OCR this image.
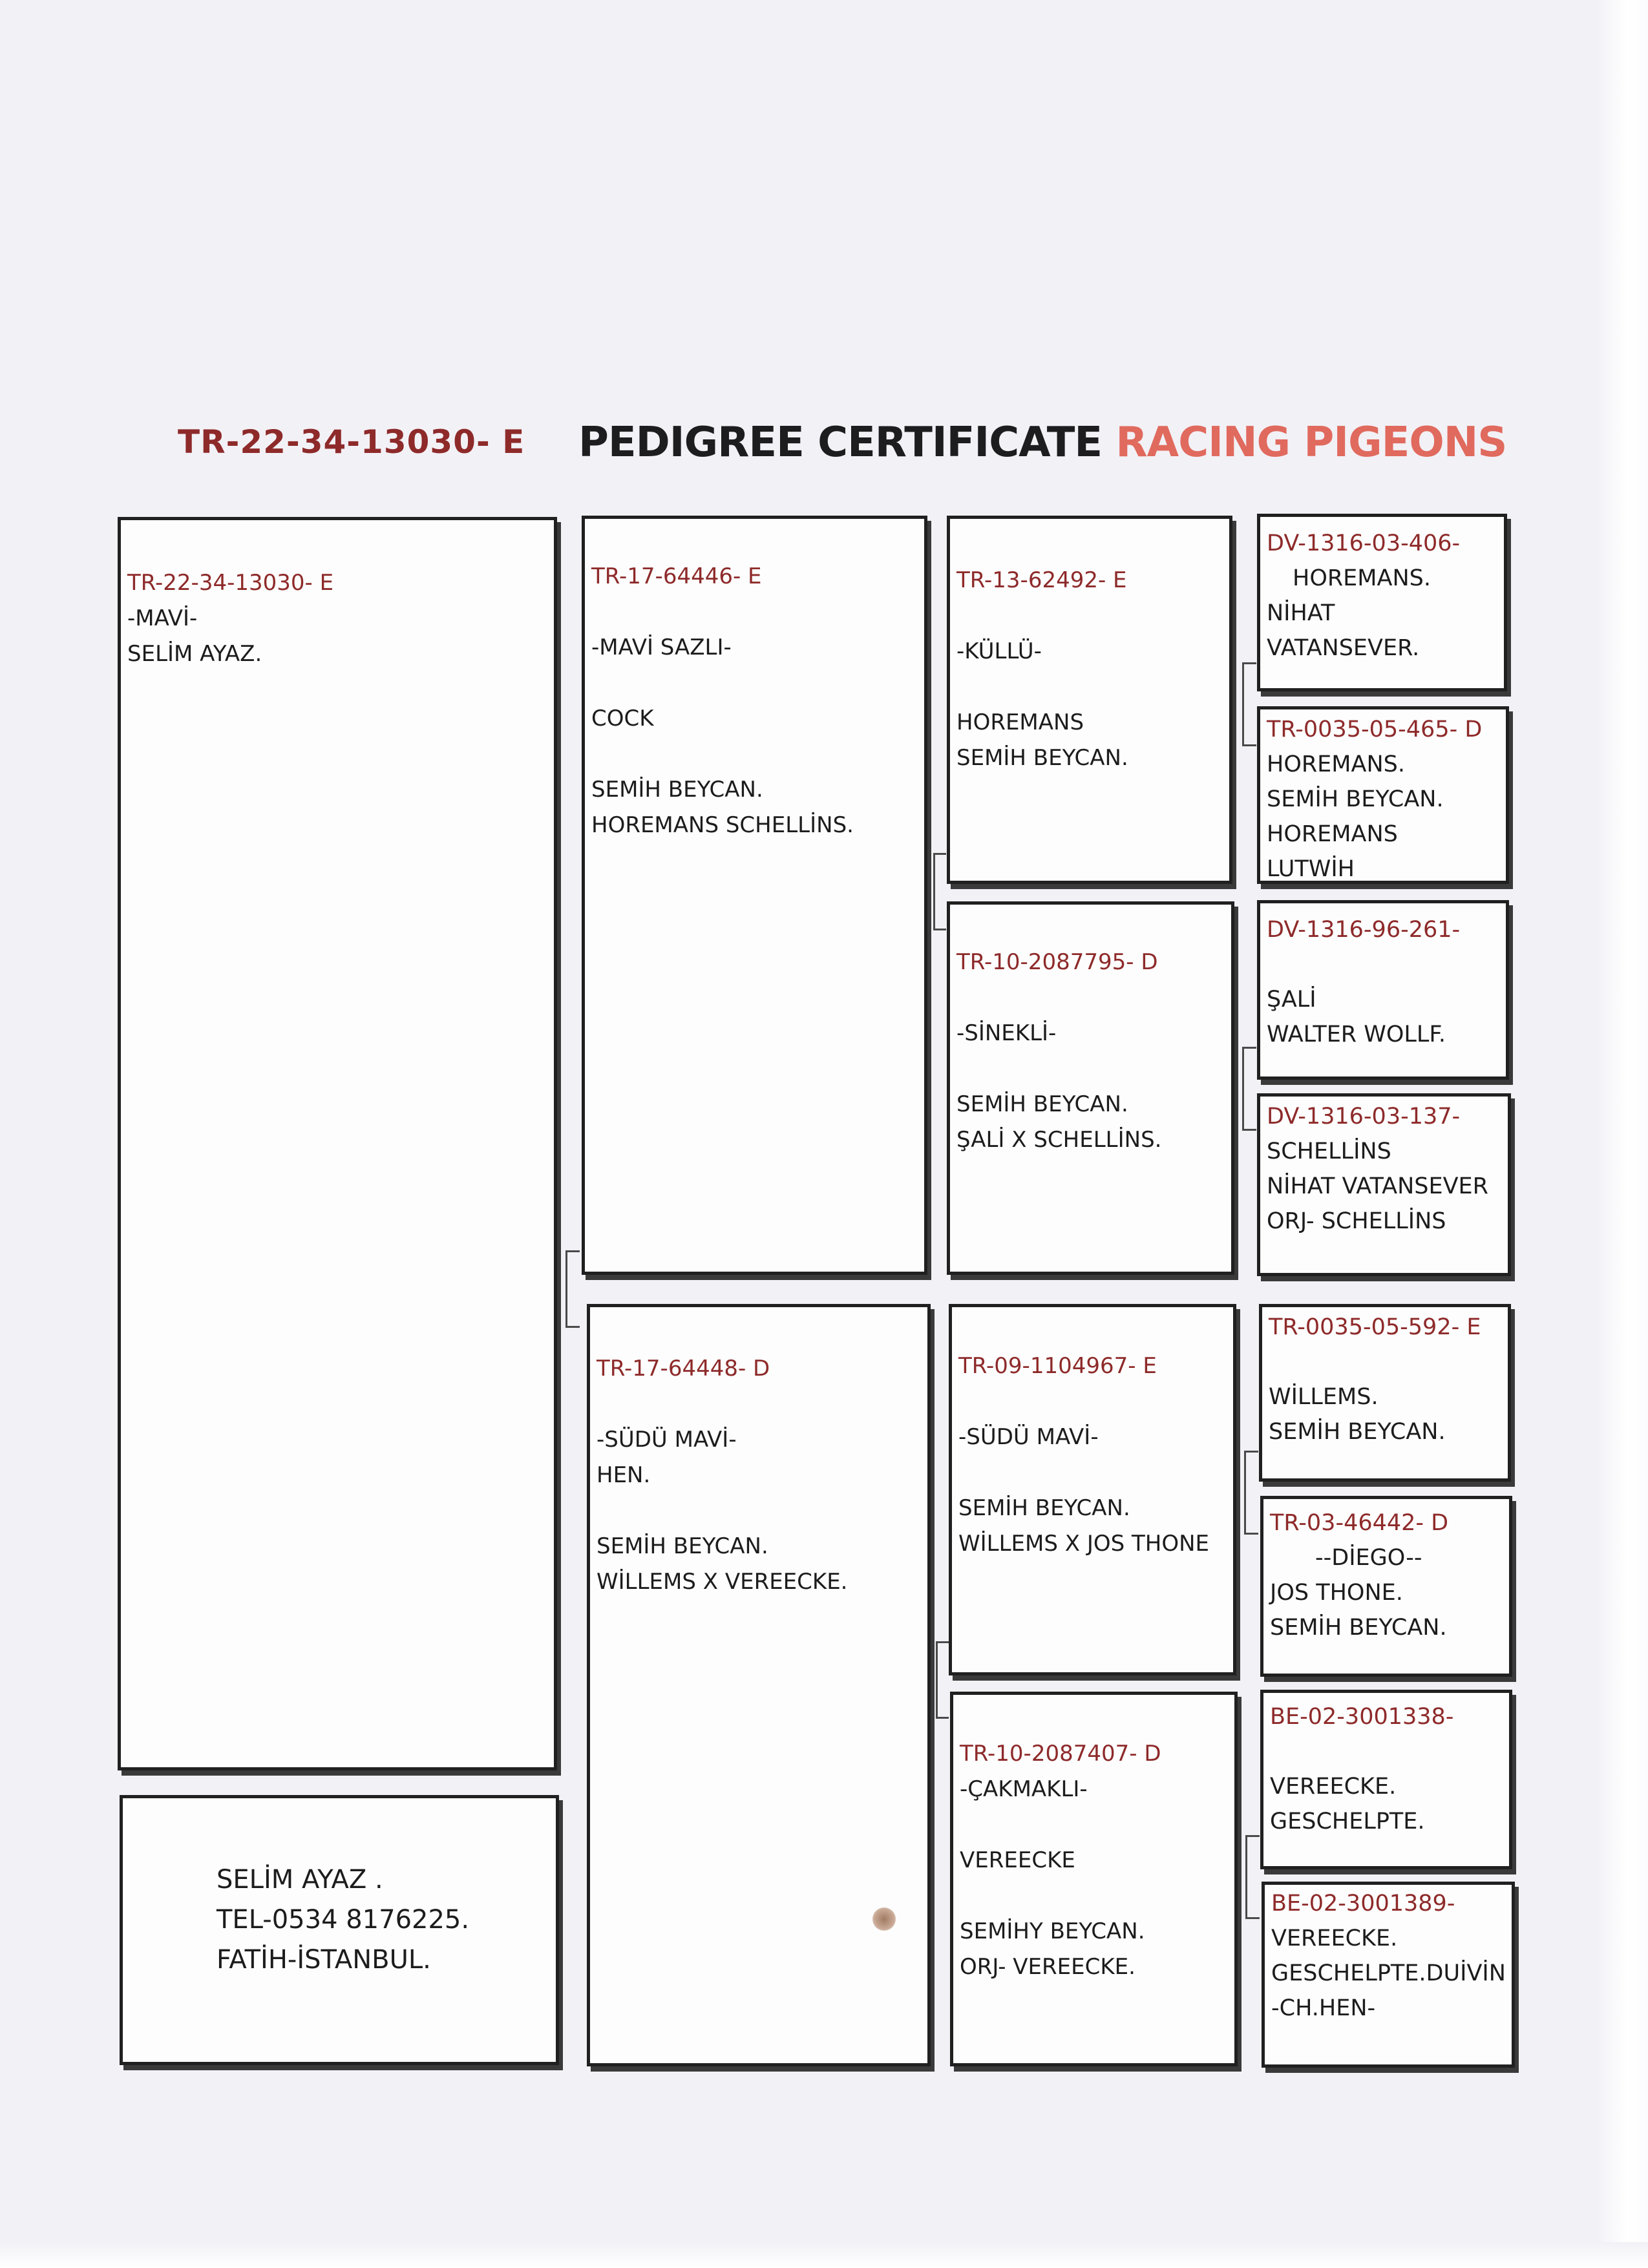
TR-22-34-13030- E PEDIGREE CERTIFICATE RACING PIGEONS
TR-22-34-13030- E
-MAVİ-
SELİM AYAZ.
SELİM AYAZ .
TEL-0534 8176225.
FATİH-İSTANBUL.
TR-17-64446- E
-MAVİ SAZLI-
COCK
SEMİH BEYCAN.
HOREMANS SCHELLİNS.
TR-17-64448- D
-SÜDÜ MAVİ-
HEN.
SEMİH BEYCAN.
WİLLEMS X VEREECKE.
TR-13-62492- E
-KÜLLÜ-
HOREMANS
SEMİH BEYCAN.
TR-10-2087795- D
-SİNEKLİ-
SEMİH BEYCAN.
ŞALİ X SCHELLİNS.
TR-09-1104967- E
-SÜDÜ MAVİ-
SEMİH BEYCAN.
WİLLEMS X JOS THONE
TR-10-2087407- D
-ÇAKMAKLI-
VEREECKE
SEMİHY BEYCAN.
ORJ- VEREECKE.
DV-1316-03-406-
HOREMANS.
NİHAT
VATANSEVER.
TR-0035-05-465- D
HOREMANS.
SEMİH BEYCAN.
HOREMANS
LUTWİH
DV-1316-96-261-
ŞALİ
WALTER WOLLF.
DV-1316-03-137-
SCHELLİNS
NİHAT VATANSEVER
ORJ- SCHELLİNS
TR-0035-05-592- E
WİLLEMS.
SEMİH BEYCAN.
TR-03-46442- D
--DİEGO--
JOS THONE.
SEMİH BEYCAN.
BE-02-3001338-
VEREECKE.
GESCHELPTE.
BE-02-3001389-
VEREECKE.
GESCHELPTE.DUİVİN
-CH.HEN-
